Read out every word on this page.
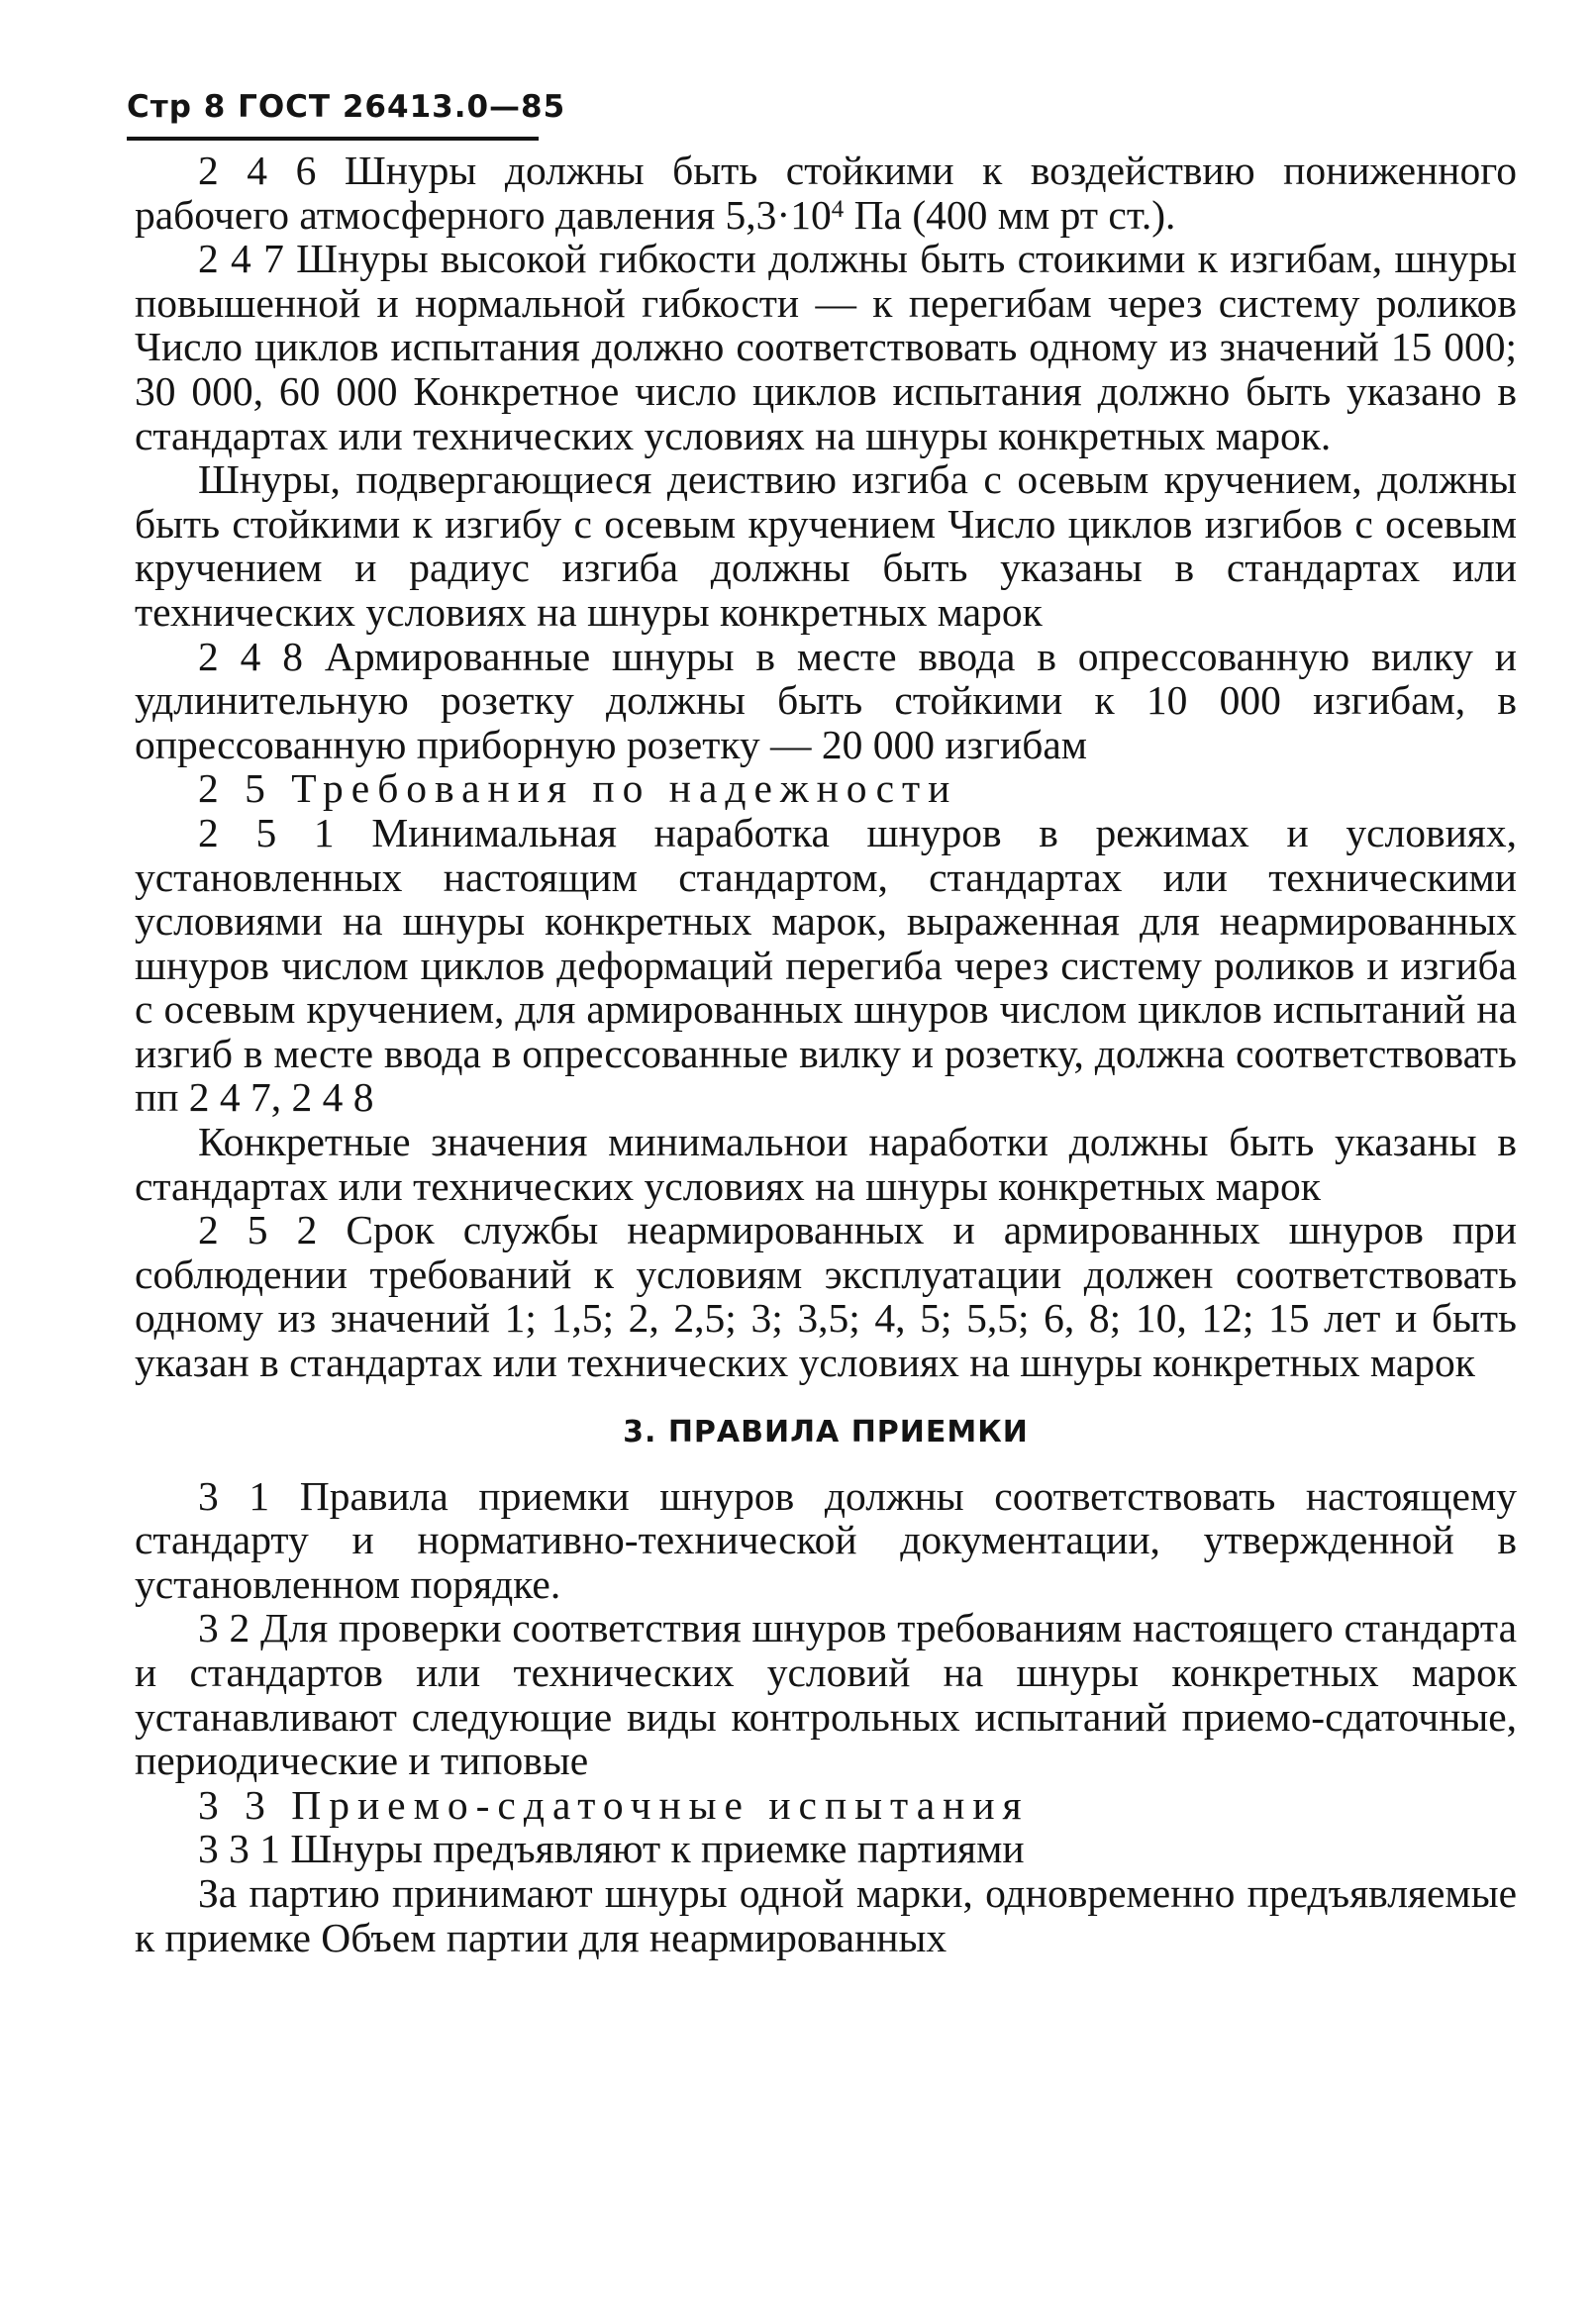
Стр 8 ГОСТ 26413.0—85

2 4 6 Шнуры должны быть стойкими к воздействию пониженного рабочего атмосферного давления $5,3\cdot 10^4$ Па (400 мм рт ст.).

2 4 7 Шнуры высокой гибкости должны быть стоикими к изгибам, шнуры повышенной и нормальной гибкости — к перегибам через систему роликов Число циклов испытания должно соответствовать одному из значений 15 000; 30 000, 60 000 Конкретное число циклов испытания должно быть указано в стандартах или технических условиях на шнуры конкретных марок.

Шнуры, подвергающиеся деиствию изгиба с осевым кручением, должны быть стойкими к изгибу с осевым кручением Число циклов изгибов с осевым кручением и радиус изгиба должны быть указаны в стандартах или технических условиях на шнуры конкретных марок

2 4 8 Армированные шнуры в месте ввода в опрессованную вилку и удлинительную розетку должны быть стойкими к 10 000 изгибам, в опрессованную приборную розетку — 20 000 изгибам

2 5 Требования по надежности

2 5 1 Минимальная наработка шнуров в режимах и условиях, установленных настоящим стандартом, стандартах или техническими условиями на шнуры конкретных марок, выраженная для неармированных шнуров числом циклов деформаций перегиба через систему роликов и изгиба с осевым кручением, для армированных шнуров числом циклов испытаний на изгиб в месте ввода в опрессованные вилку и розетку, должна соответствовать пп 2 4 7, 2 4 8

Конкретные значения минимальнои наработки должны быть указаны в стандартах или технических условиях на шнуры конкретных марок

2 5 2 Срок службы неармированных и армированных шнуров при соблюдении требований к условиям эксплуатации должен соответствовать одному из значений 1; 1,5; 2, 2,5; 3; 3,5; 4, 5; 5,5; 6, 8; 10, 12; 15 лет и быть указан в стандартах или технических условиях на шнуры конкретных марок

3. ПРАВИЛА ПРИЕМКИ

3 1 Правила приемки шнуров должны соответствовать настоящему стандарту и нормативно-технической документации, утвержденной в установленном порядке.

3 2 Для проверки соответствия шнуров требованиям настоящего стандарта и стандартов или технических условий на шнуры конкретных марок устанавливают следующие виды контрольных испытаний приемо-сдаточные, периодические и типовые

3 3 Приемо-сдаточные испытания

3 3 1 Шнуры предъявляют к приемке партиями

За партию принимают шнуры одной марки, одновременно предъявляемые к приемке Объем партии для неармированных
